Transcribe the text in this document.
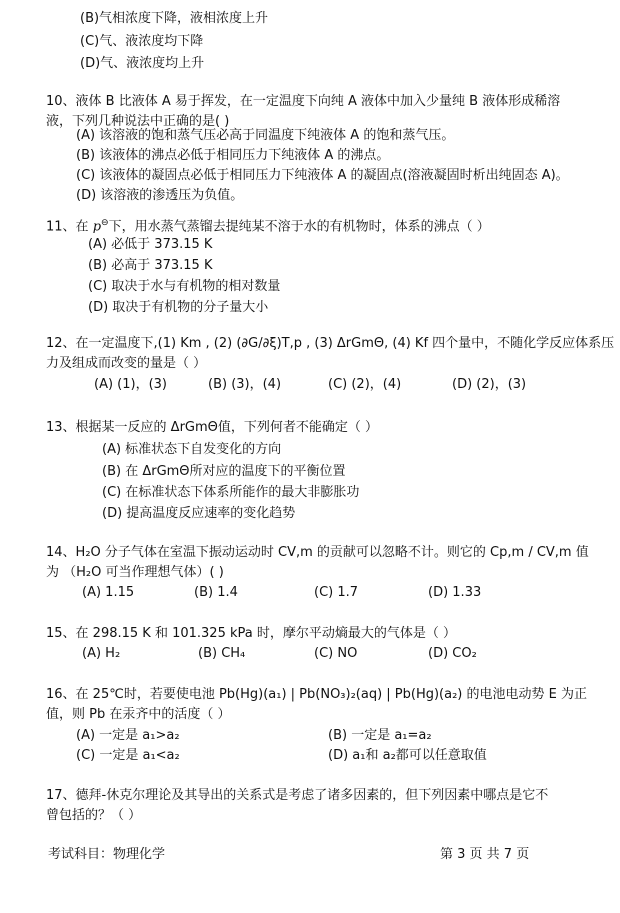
(B)气相浓度下降，液相浓度上升
(C)气、液浓度均下降
(D)气、液浓度均上升
10、液体 B 比液体 A 易于挥发，在一定温度下向纯 A 液体中加入少量纯 B 液体形成稀溶液，下列几种说法中正确的是( )
(A) 该溶液的饱和蒸气压必高于同温度下纯液体 A 的饱和蒸气压。
(B) 该液体的沸点必低于相同压力下纯液体 A 的沸点。
(C) 该液体的凝固点必低于相同压力下纯液体 A 的凝固点(溶液凝固时析出纯固态 A)。
(D) 该溶液的渗透压为负值。
11、在 p⊖下，用水蒸气蒸镏去提纯某不溶于水的有机物时，体系的沸点（ ）
(A) 必低于 373.15 K
(B) 必高于 373.15 K
(C) 取决于水与有机物的相对数量
(D) 取决于有机物的分子量大小
12、在一定温度下,(1) Km , (2) (∂G/∂ξ)T,p , (3) ΔrGmΘ, (4) Kf 四个量中，不随化学反应体系压
力及组成而改变的量是（ ）
(A) (1)，(3)	(B) (3)，(4)	(C) (2)，(4)	(D) (2)，(3)
13、根据某一反应的 ΔrGmΘ值，下列何者不能确定（ ）
(A) 标准状态下自发变化的方向
(B) 在 ΔrGmΘ所对应的温度下的平衡位置
(C) 在标准状态下体系所能作的最大非膨胀功
(D) 提高温度反应速率的变化趋势
14、H₂O 分子气体在室温下振动运动时 CV,m 的贡献可以忽略不计。则它的 Cp,m / CV,m 值
为 （H₂O 可当作理想气体）( )
(A) 1.15	(B) 1.4	(C) 1.7	(D) 1.33
15、在 298.15 K 和 101.325 kPa 时，摩尔平动熵最大的气体是（ ）
(A) H₂	(B) CH₄	(C) NO	(D) CO₂
16、在 25℃时，若要使电池 Pb(Hg)(a₁) | Pb(NO₃)₂(aq) | Pb(Hg)(a₂) 的电池电动势 E 为正
值，则 Pb 在汞齐中的活度（ ）
(A) 一定是 a₁>a₂	(B) 一定是 a₁=a₂
(C) 一定是 a₁<a₂	(D) a₁和 a₂都可以任意取值
17、德拜-休克尔理论及其导出的关系式是考虑了诸多因素的，但下列因素中哪点是它不
曾包括的？（ ）
考试科目：物理化学	第 3 页 共 7 页
